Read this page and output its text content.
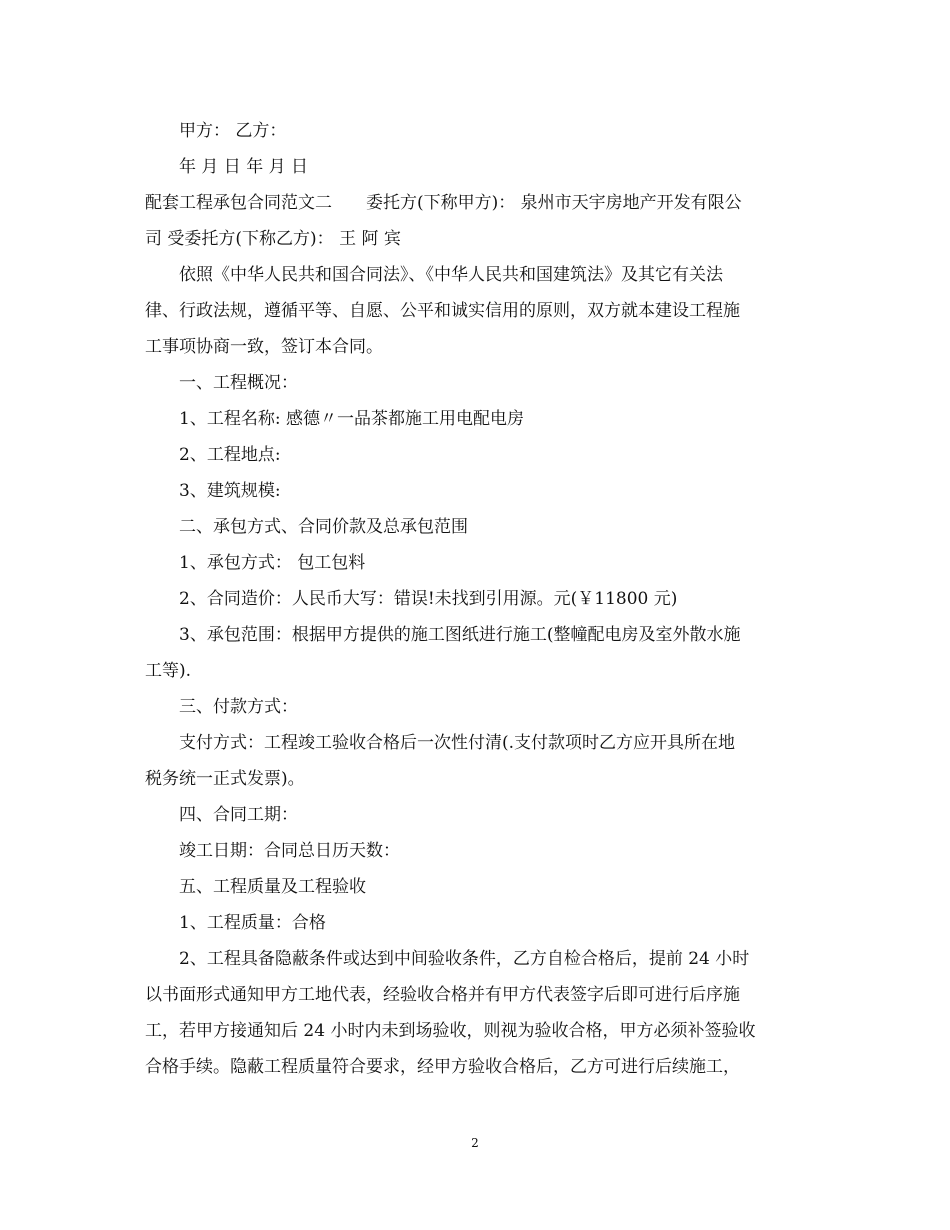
甲方： 乙方：
年 月 日 年 月 日
配套工程承包合同范文二　　委托方(下称甲方)： 泉州市天宇房地产开发有限公
司 受委托方(下称乙方)： 王 阿 宾
依照《中华人民共和国合同法》、《中华人民共和国建筑法》及其它有关法
律、行政法规，遵循平等、自愿、公平和诚实信用的原则，双方就本建设工程施
工事项协商一致，签订本合同。
一、工程概况：
1、工程名称: 感德〃一品茶都施工用电配电房
2、工程地点:
3、建筑规模:
二、承包方式、合同价款及总承包范围
1、承包方式： 包工包料
2、合同造价：人民币大写：错误!未找到引用源。元(￥11800 元)
3、承包范围：根据甲方提供的施工图纸进行施工(整幢配电房及室外散水施
工等).
三、付款方式：
支付方式：工程竣工验收合格后一次性付清(.支付款项时乙方应开具所在地
税务统一正式发票)。
四、合同工期：
竣工日期：合同总日历天数：
五、工程质量及工程验收
1、工程质量：合格
2、工程具备隐蔽条件或达到中间验收条件，乙方自检合格后，提前 24 小时
以书面形式通知甲方工地代表，经验收合格并有甲方代表签字后即可进行后序施
工，若甲方接通知后 24 小时内未到场验收，则视为验收合格，甲方必须补签验收
合格手续。隐蔽工程质量符合要求，经甲方验收合格后，乙方可进行后续施工，
2
